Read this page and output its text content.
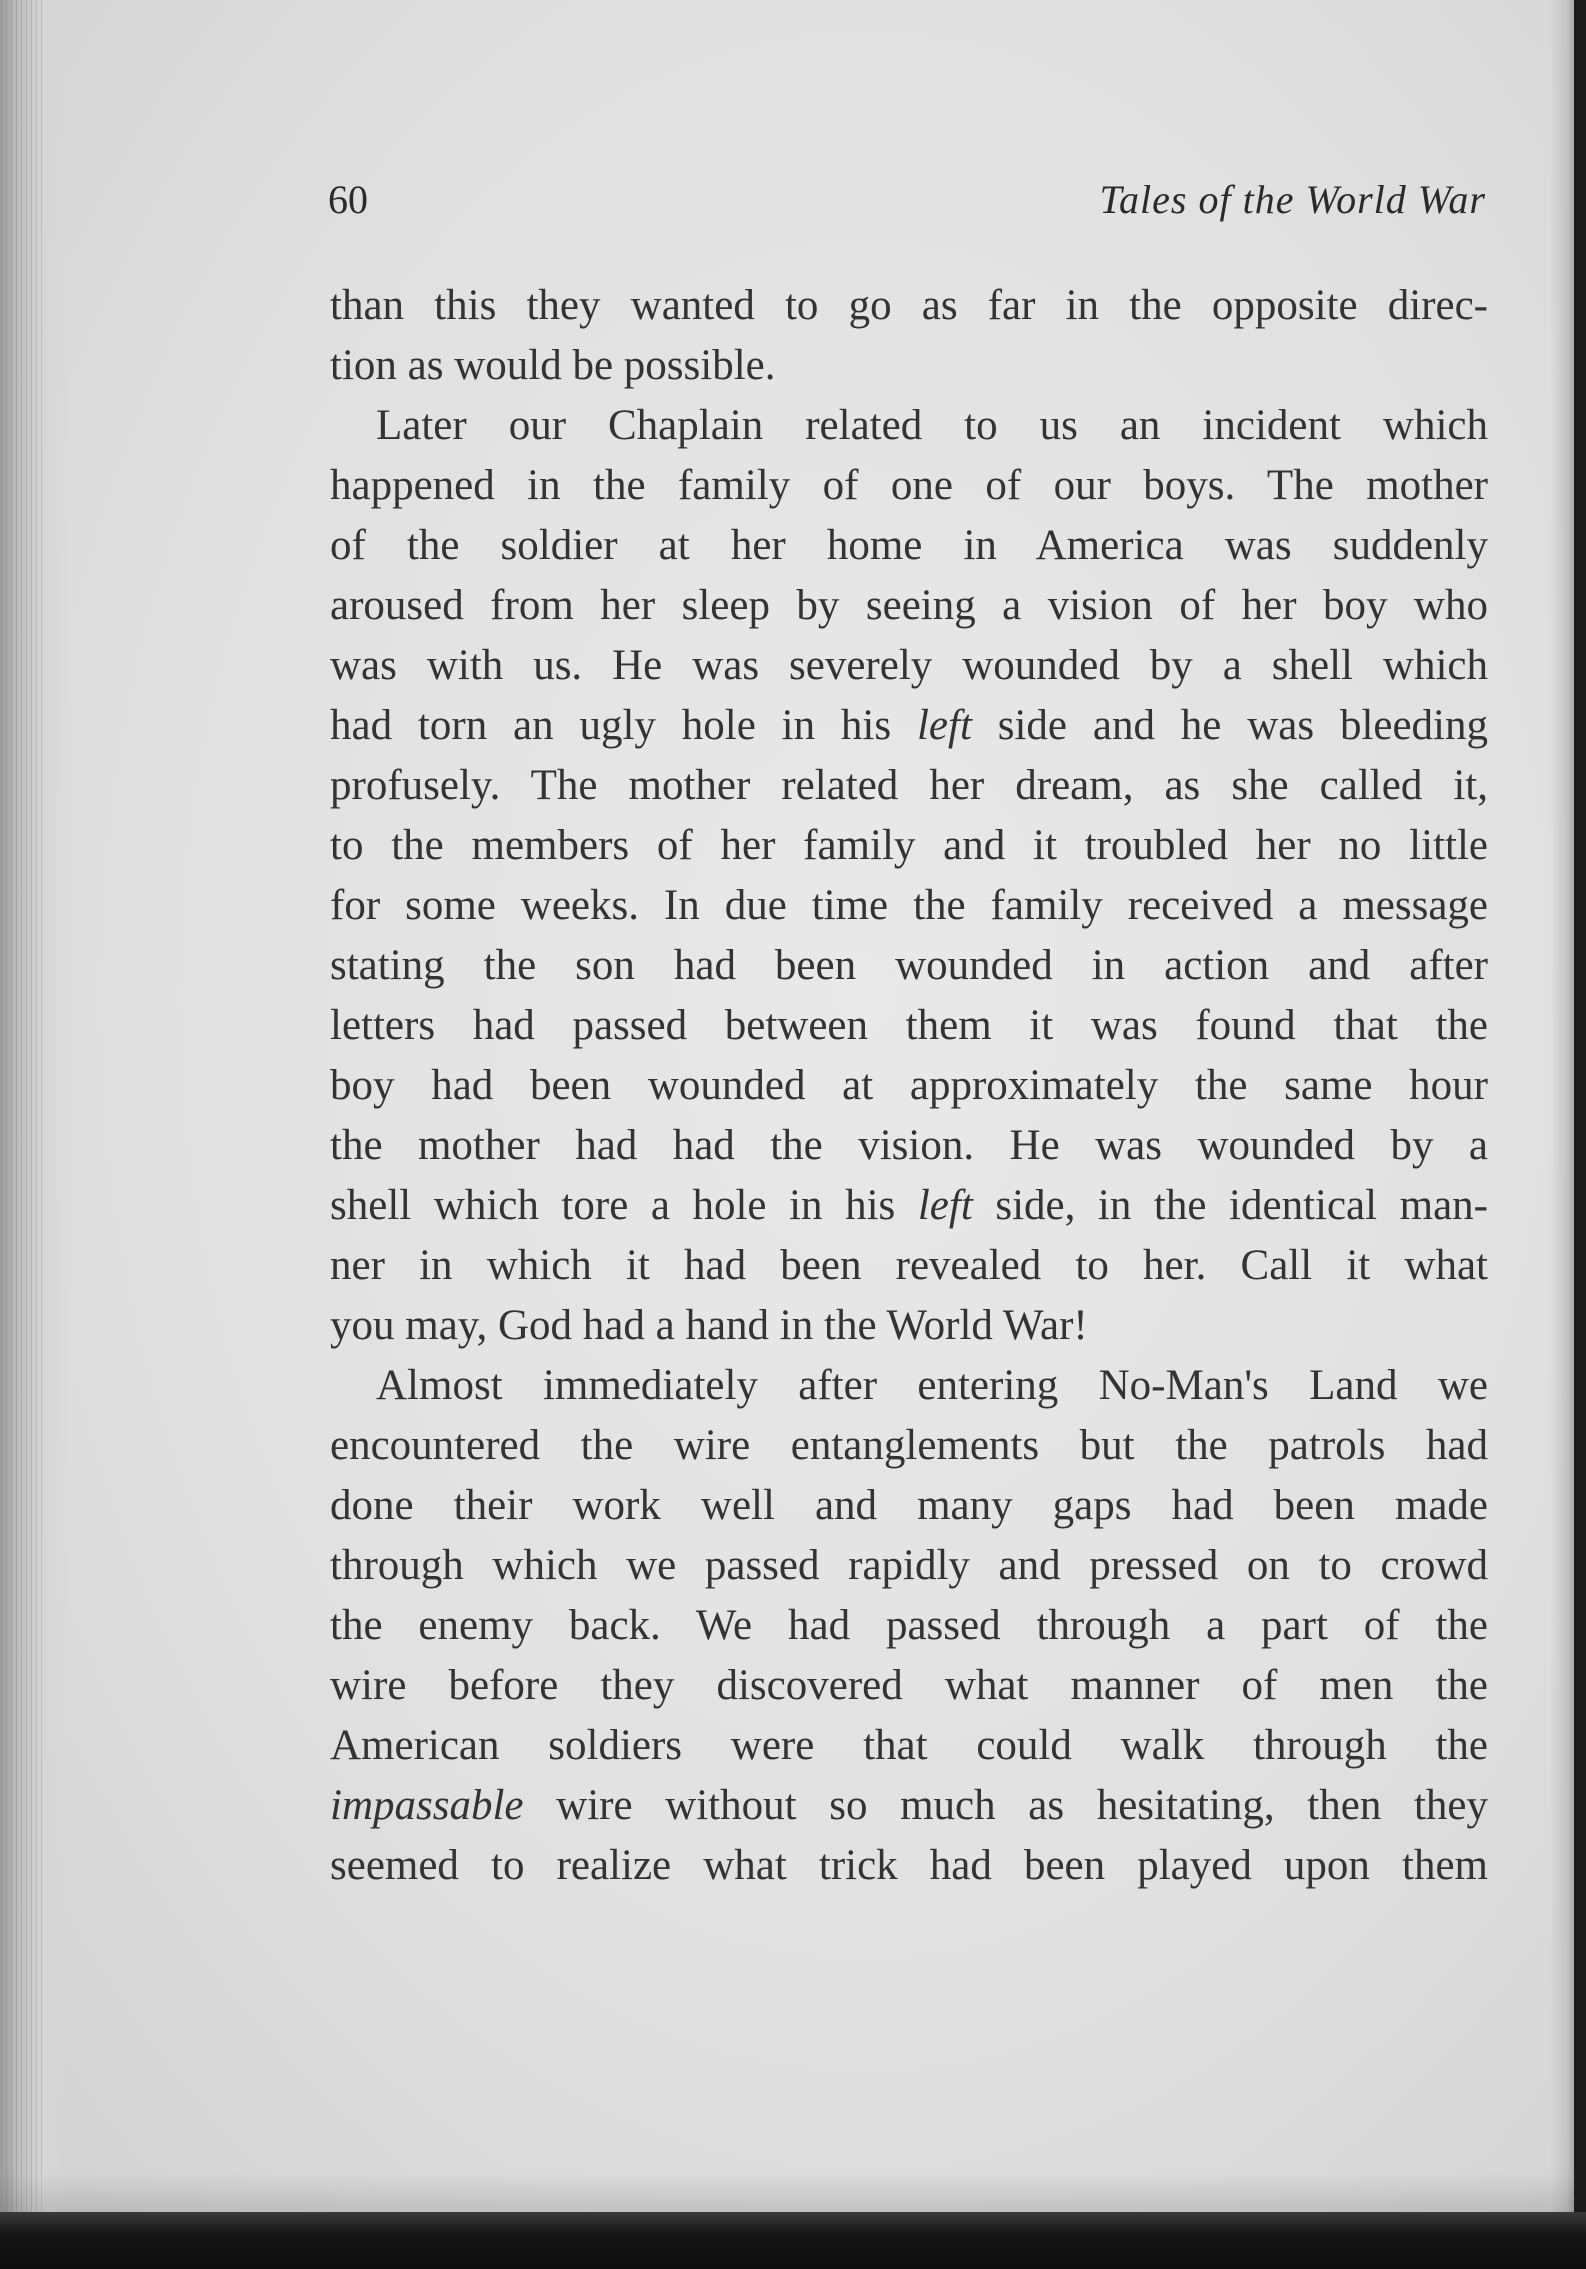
60	Tales of the World War
than this they wanted to go as far in the opposite direc-
tion as would be possible.
Later our Chaplain related to us an incident which
happened in the family of one of our boys. The mother
of the soldier at her home in America was suddenly
aroused from her sleep by seeing a vision of her boy who
was with us. He was severely wounded by a shell which
had torn an ugly hole in his left side and he was bleeding
profusely. The mother related her dream, as she called it,
to the members of her family and it troubled her no little
for some weeks. In due time the family received a message
stating the son had been wounded in action and after
letters had passed between them it was found that the
boy had been wounded at approximately the same hour
the mother had had the vision. He was wounded by a
shell which tore a hole in his left side, in the identical man-
ner in which it had been revealed to her. Call it what
you may, God had a hand in the World War!
Almost immediately after entering No-Man's Land we
encountered the wire entanglements but the patrols had
done their work well and many gaps had been made
through which we passed rapidly and pressed on to crowd
the enemy back. We had passed through a part of the
wire before they discovered what manner of men the
American soldiers were that could walk through the
impassable wire without so much as hesitating, then they
seemed to realize what trick had been played upon them
